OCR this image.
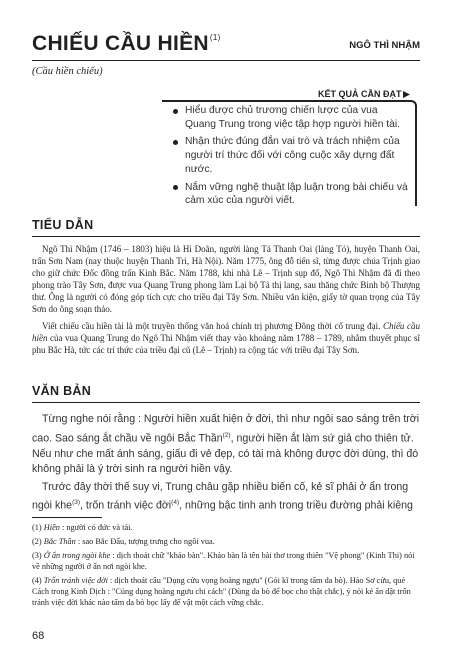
CHIẾU CẦU HIỀN$^{(1)}$
NGÔ THÌ NHẬM
(Cầu hiền chiếu)
KẾT QUẢ CẦN ĐẠT
Hiểu được chủ trương chiến lược của vua Quang Trung trong việc tập hợp người hiền tài.
Nhận thức đúng đắn vai trò và trách nhiệm của người trí thức đối với công cuộc xây dựng đất nước.
Nắm vững nghệ thuật lập luận trong bài chiếu và cảm xúc của người viết.
TIỂU DẪN

Ngô Thì Nhậm (1746 – 1803) hiệu là Hi Doãn, người làng Tả Thanh Oai (làng Tó), huyện Thanh Oai, trấn Sơn Nam (nay thuộc huyện Thanh Trì, Hà Nội). Năm 1775, ông đỗ tiến sĩ, từng được chúa Trịnh giao cho giữ chức Đốc đồng trấn Kinh Bắc. Năm 1788, khi nhà Lê – Trịnh sụp đổ, Ngô Thì Nhậm đã đi theo phong trào Tây Sơn, được vua Quang Trung phong làm Lại bộ Tả thị lang, sau thăng chức Binh bộ Thượng thư. Ông là người có đóng góp tích cực cho triều đại Tây Sơn. Nhiều văn kiện, giấy tờ quan trọng của Tây Sơn do ông soạn thảo.

Viết chiếu cầu hiền tài là một truyền thống văn hoá chính trị phương Đông thời cổ trung đại. Chiếu cầu hiền của vua Quang Trung do Ngô Thì Nhậm viết thay vào khoảng năm 1788 – 1789, nhằm thuyết phục sĩ phu Bắc Hà, tức các trí thức của triều đại cũ (Lê – Trịnh) ra cộng tác với triều đại Tây Sơn.

VĂN BẢN

Từng nghe nói rằng : Người hiền xuất hiện ở đời, thì như ngôi sao sáng trên trời cao. Sao sáng ắt chầu về ngôi Bắc Thần$^{(2)}$, người hiền ắt làm sứ giả cho thiên tử. Nếu như che mất ánh sáng, giấu đi vẻ đẹp, có tài mà không được đời dùng, thì đó không phải là ý trời sinh ra người hiền vậy.

Trước đây thời thế suy vi, Trung châu gặp nhiều biến cố, kẻ sĩ phải ở ẩn trong ngòi khe$^{(3)}$, trốn tránh việc đời$^{(4)}$, những bậc tinh anh trong triều đường phải kiêng

(1) Hiền : người có đức và tài.
(2) Bắc Thần : sao Bắc Đẩu, tượng trưng cho ngôi vua.
(3) Ở ẩn trong ngòi khe : dịch thoát chữ "khảo bàn". Khảo bàn là tên bài thơ trong thiên "Vệ phong" (Kinh Thi) nói về những người ở ẩn nơi ngòi khe.
(4) Trốn tránh việc đời : dịch thoát câu "Dụng cửu vọng hoàng ngựu" (Gói kĩ trong tấm da bò). Hào Sơ cửu, quẻ Cách trong Kinh Dịch : "Củng dụng hoàng ngưu chi cách" (Dùng da bò để bọc cho thật chắc), ý nói kẻ ẩn dật trốn tránh việc đời khác nào tấm da bò bọc lấy để vật một cách vững chắc.
68
